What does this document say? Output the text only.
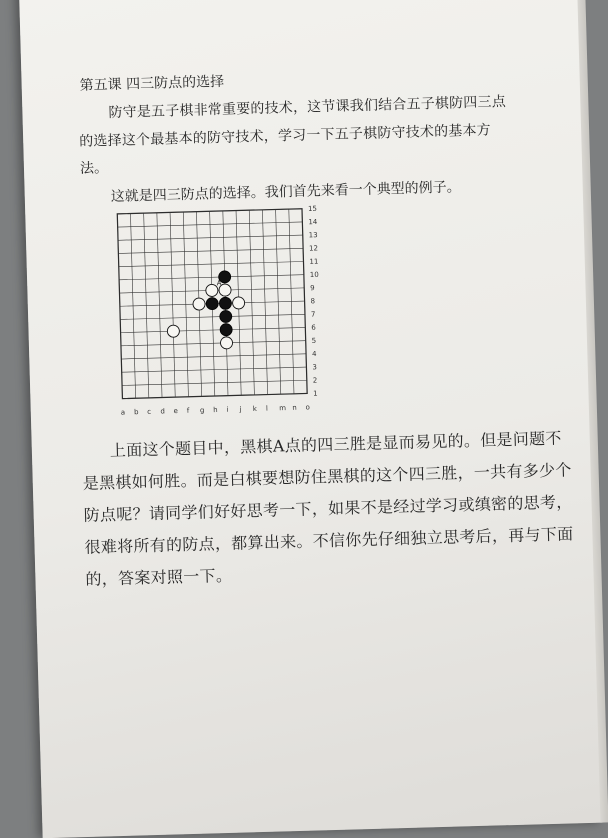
第五课 四三防点的选择
防守是五子棋非常重要的技术，这节课我们结合五子棋防四三点
的选择这个最基本的防守技术，学习一下五子棋防守技术的基本方
法。
这就是四三防点的选择。我们首先来看一个典型的例子。
15
14
13
12
11
10
9
8
7
6
5
4
3
2
1
a b c d e f g h i j k l m n o
A
上面这个题目中，黑棋A点的四三胜是显而易见的。但是问题不
是黑棋如何胜。而是白棋要想防住黑棋的这个四三胜，一共有多少个
防点呢？请同学们好好思考一下，如果不是经过学习或缜密的思考，
很难将所有的防点，都算出来。不信你先仔细独立思考后，再与下面
的，答案对照一下。
